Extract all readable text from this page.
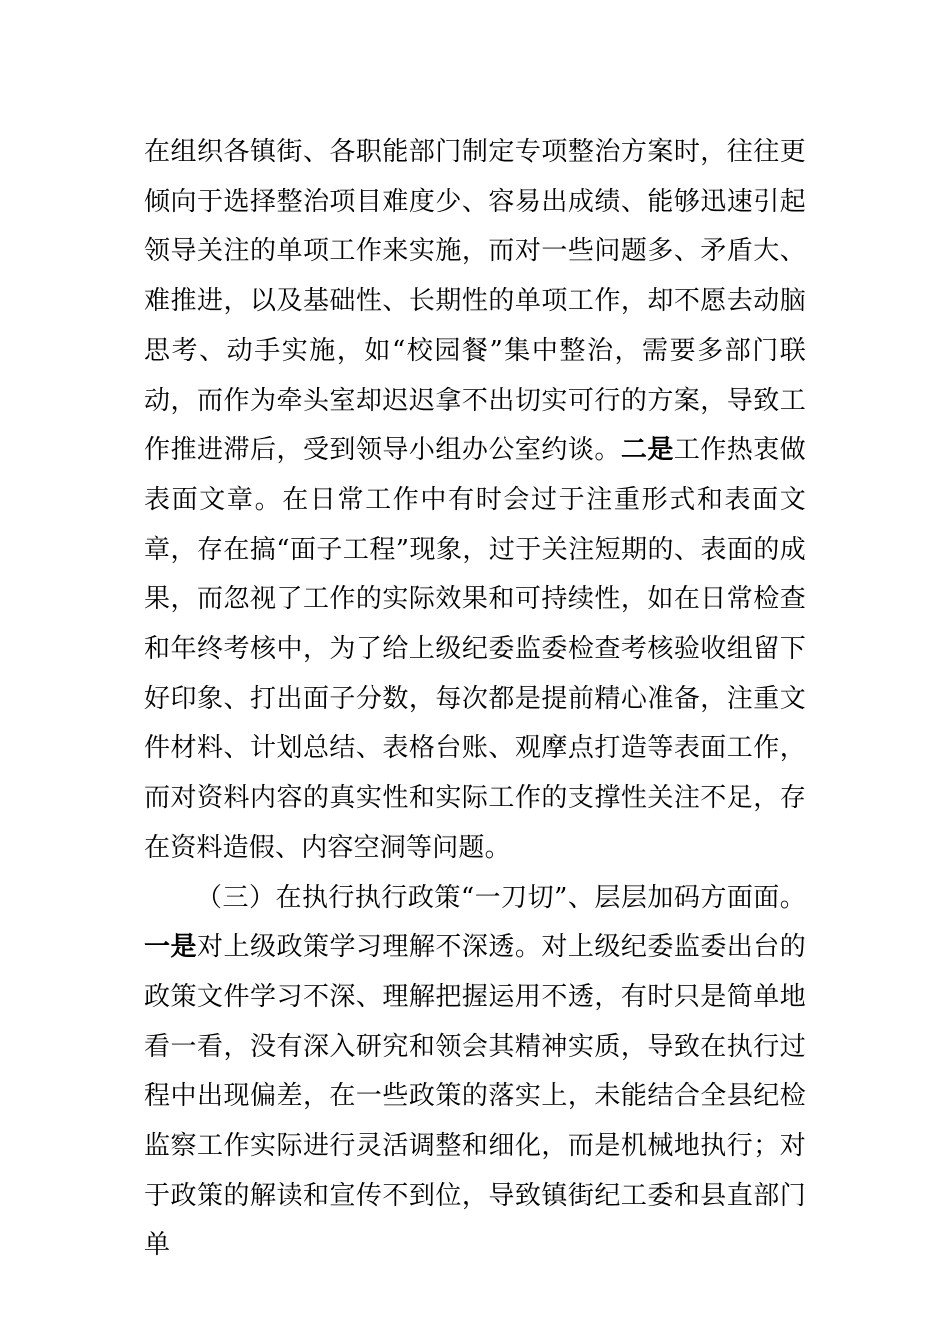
在组织各镇街、各职能部门制定专项整治方案时，往往更倾向于选择整治项目难度少、容易出成绩、能够迅速引起领导关注的单项工作来实施，而对一些问题多、矛盾大、难推进，以及基础性、长期性的单项工作，却不愿去动脑思考、动手实施，如“校园餐”集中整治，需要多部门联动，而作为牵头室却迟迟拿不出切实可行的方案，导致工作推进滞后，受到领导小组办公室约谈。二是工作热衷做表面文章。在日常工作中有时会过于注重形式和表面文章，存在搞“面子工程”现象，过于关注短期的、表面的成果，而忽视了工作的实际效果和可持续性，如在日常检查和年终考核中，为了给上级纪委监委检查考核验收组留下好印象、打出面子分数，每次都是提前精心准备，注重文件材料、计划总结、表格台账、观摩点打造等表面工作，而对资料内容的真实性和实际工作的支撑性关注不足，存在资料造假、内容空洞等问题。

（三）在执行执行政策“一刀切”、层层加码方面面。一是对上级政策学习理解不深透。对上级纪委监委出台的政策文件学习不深、理解把握运用不透，有时只是简单地看一看，没有深入研究和领会其精神实质，导致在执行过程中出现偏差，在一些政策的落实上，未能结合全县纪检监察工作实际进行灵活调整和细化，而是机械地执行；对于政策的解读和宣传不到位，导致镇街纪工委和县直部门单
